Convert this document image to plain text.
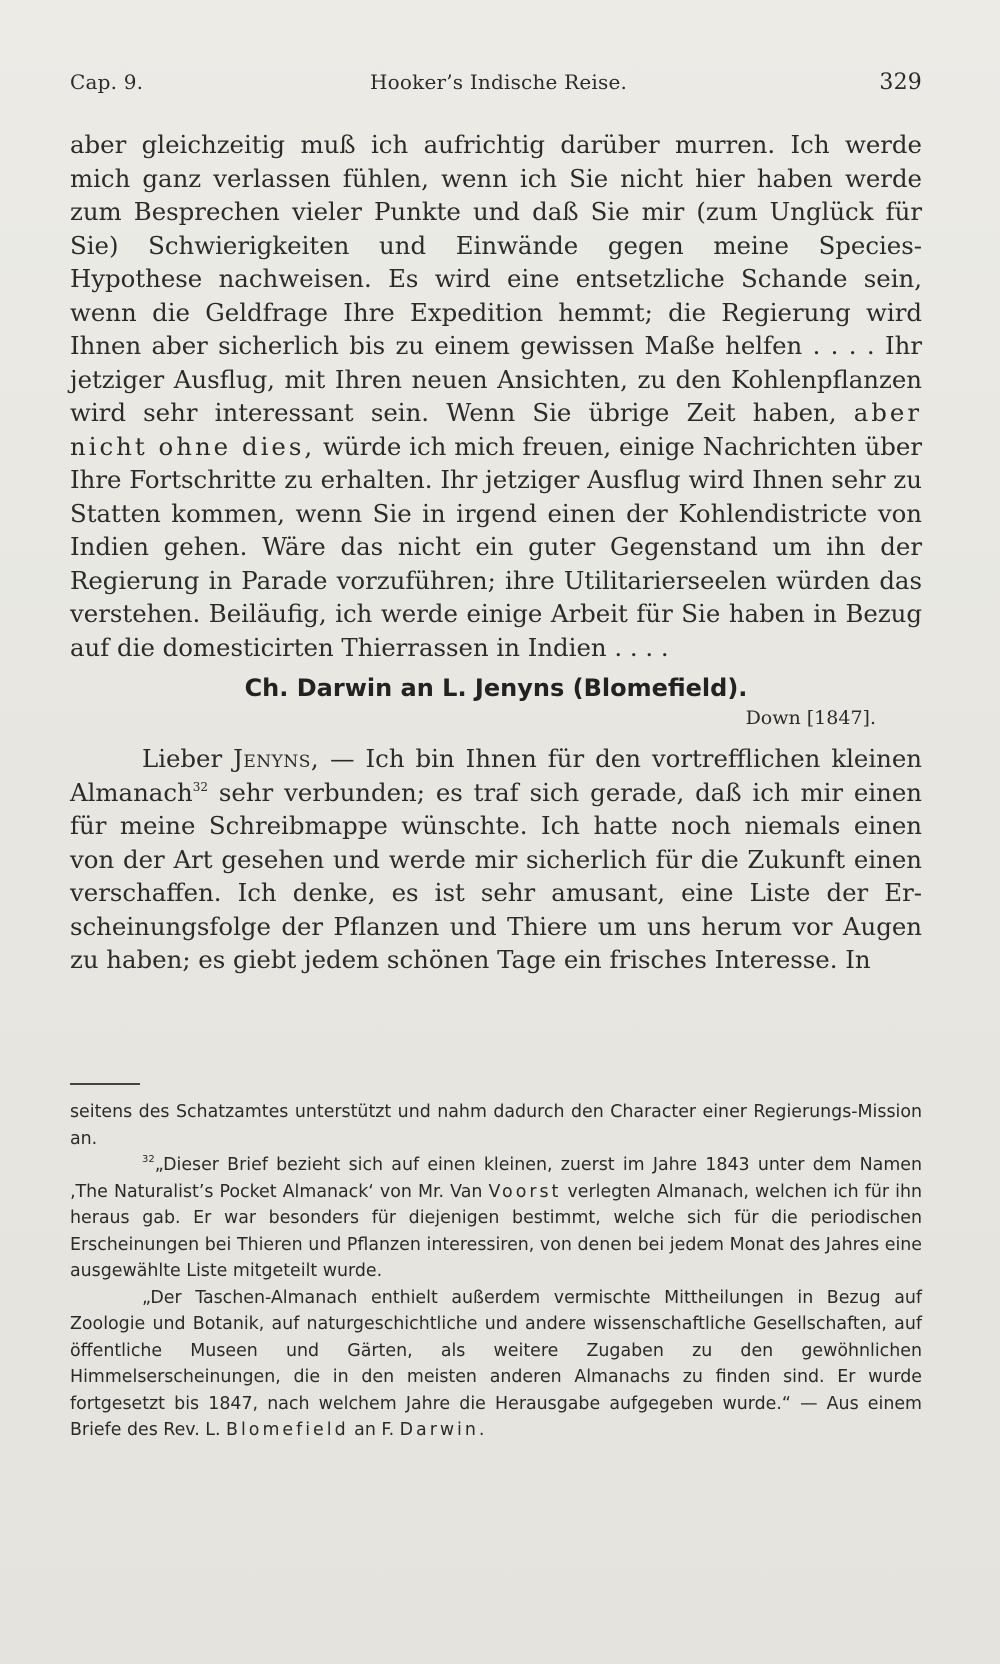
Cap. 9.	Hooker’s Indische Reise.	329

aber gleichzeitig muß ich aufrichtig darüber murren. Ich werde mich ganz verlassen fühlen, wenn ich Sie nicht hier haben werde zum Besprechen vieler Punkte und daß Sie mir (zum Unglück für Sie) Schwierigkeiten und Einwände gegen meine Species-Hypothese nachweisen. Es wird eine entsetzliche Schande sein, wenn die Geldfrage Ihre Expedition hemmt; die Regierung wird Ihnen aber sicherlich bis zu einem gewissen Maße helfen . . . . Ihr jetziger Ausflug, mit Ihren neuen Ansichten, zu den Kohlenpflanzen wird sehr interessant sein. Wenn Sie übrige Zeit haben, aber nicht ohne dies, würde ich mich freuen, einige Nachrichten über Ihre Fortschritte zu erhalten. Ihr jetziger Ausflug wird Ihnen sehr zu Statten kommen, wenn Sie in irgend einen der Kohlendistricte von Indien gehen. Wäre das nicht ein guter Gegenstand um ihn der Regierung in Parade vorzuführen; ihre Utilitarierseelen würden das verstehen. Beiläufig, ich werde einige Arbeit für Sie haben in Bezug auf die domesticirten Thierrassen in Indien . . . .

Ch. Darwin an L. Jenyns (Blomefield).
Down [1847].

Lieber Jenyns, — Ich bin Ihnen für den vortrefflichen kleinen Almanach$^{32}$ sehr verbunden; es traf sich gerade, daß ich mir einen für meine Schreibmappe wünschte. Ich hatte noch niemals einen von der Art gesehen und werde mir sicherlich für die Zukunft einen verschaffen. Ich denke, es ist sehr amusant, eine Liste der Erscheinungsfolge der Pflanzen und Thiere um uns herum vor Augen zu haben; es giebt jedem schönen Tage ein frisches Interesse. In

seitens des Schatzamtes unterstützt und nahm dadurch den Character einer Regierungs-Mission an.

$^{32}$„Dieser Brief bezieht sich auf einen kleinen, zuerst im Jahre 1843 unter dem Namen ‚The Naturalist’s Pocket Almanack‘ von Mr. Van Voorst verlegten Almanach, welchen ich für ihn heraus gab. Er war besonders für diejenigen bestimmt, welche sich für die periodischen Erscheinungen bei Thieren und Pflanzen interessiren, von denen bei jedem Monat des Jahres eine ausgewählte Liste mitgeteilt wurde.

„Der Taschen-Almanach enthielt außerdem vermischte Mittheilungen in Bezug auf Zoologie und Botanik, auf naturgeschichtliche und andere wissenschaftliche Gesellschaften, auf öffentliche Museen und Gärten, als weitere Zugaben zu den gewöhnlichen Himmelserscheinungen, die in den meisten anderen Almanachs zu finden sind. Er wurde fortgesetzt bis 1847, nach welchem Jahre die Herausgabe aufgegeben wurde.“ — Aus einem Briefe des Rev. L. Blomefield an F. Darwin.
